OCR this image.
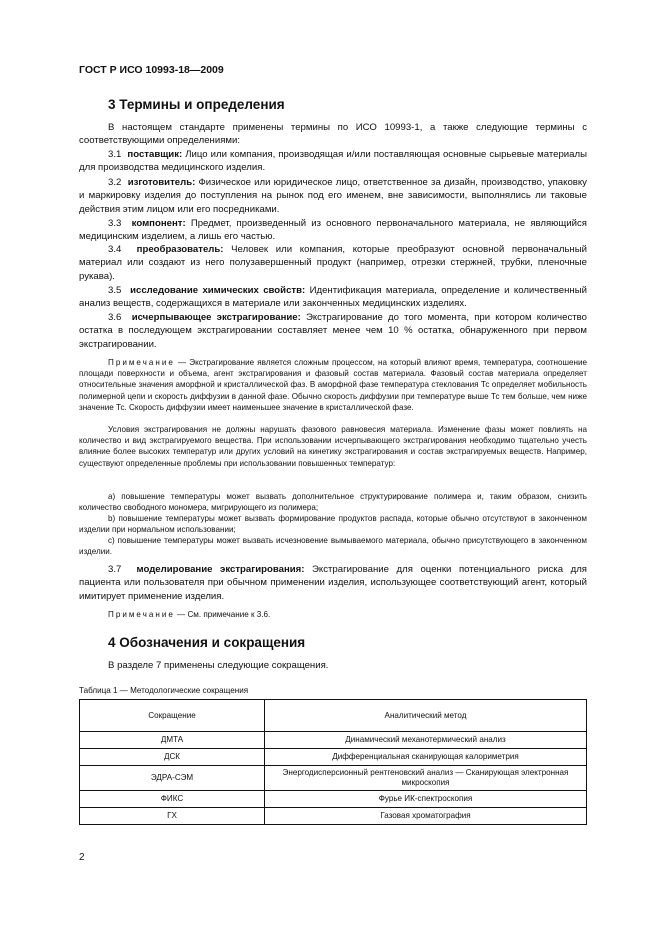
ГОСТ Р ИСО 10993-18—2009
3 Термины и определения

В настоящем стандарте применены термины по ИСО 10993-1, а также следующие термины с соответствующими определениями:

3.1 поставщик: Лицо или компания, производящая и/или поставляющая основные сырьевые материалы для производства медицинского изделия.

3.2 изготовитель: Физическое или юридическое лицо, ответственное за дизайн, производство, упаковку и маркировку изделия до поступления на рынок под его именем, вне зависимости, выполнялись ли таковые действия этим лицом или его посредниками.

3.3 компонент: Предмет, произведенный из основного первоначального материала, не являющийся медицинским изделием, а лишь его частью.

3.4 преобразователь: Человек или компания, которые преобразуют основной первоначальный материал или создают из него полузавершенный продукт (например, отрезки стержней, трубки, пленочные рукава).

3.5 исследование химических свойств: Идентификация материала, определение и количественный анализ веществ, содержащихся в материале или законченных медицинских изделиях.

3.6 исчерпывающее экстрагирование: Экстрагирование до того момента, при котором количество остатка в последующем экстрагировании составляет менее чем 10 % остатка, обнаруженного при первом экстрагировании.

Примечание — Экстрагирование является сложным процессом, на который влияют время, температура, соотношение площади поверхности и объема, агент экстрагирования и фазовый состав материала. Фазовый состав материала определяет относительные значения аморфной и кристаллической фаз. В аморфной фазе температура стеклования Тс определяет мобильность полимерной цепи и скорость диффузии в данной фазе. Обычно скорость диффузии при температуре выше Тс тем больше, чем ниже значение Тс. Скорость диффузии имеет наименьшее значение в кристаллической фазе.

Условия экстрагирования не должны нарушать фазового равновесия материала. Изменение фазы может повлиять на количество и вид экстрагируемого вещества. При использовании исчерпывающего экстрагирования необходимо тщательно учесть влияние более высоких температур или других условий на кинетику экстрагирования и состав экстрагируемых веществ. Например, существуют определенные проблемы при использовании повышенных температур:

а) повышение температуры может вызвать дополнительное структурирование полимера и, таким образом, снизить количество свободного мономера, мигрирующего из полимера;

b) повышение температуры может вызвать формирование продуктов распада, которые обычно отсутствуют в законченном изделии при нормальном использовании;

с) повышение температуры может вызвать исчезновение вымываемого материала, обычно присутствующего в законченном изделии.

3.7 моделирование экстрагирования: Экстрагирование для оценки потенциального риска для пациента или пользователя при обычном применении изделия, использующее соответствующий агент, который имитирует применение изделия.

Примечание — См. примечание к 3.6.

4 Обозначения и сокращения

В разделе 7 применены следующие сокращения.

Таблица 1 — Методологические сокращения
Сокращение	Аналитический метод
ДМТА	Динамический механотермический анализ
ДСК	Дифференциальная сканирующая калориметрия
ЭДРА-СЭМ	Энергодисперсионный рентгеновский анализ — Сканирующая электронная микроскопия
ФИКС	Фурье ИК-спектроскопия
ГХ	Газовая хроматография
2
